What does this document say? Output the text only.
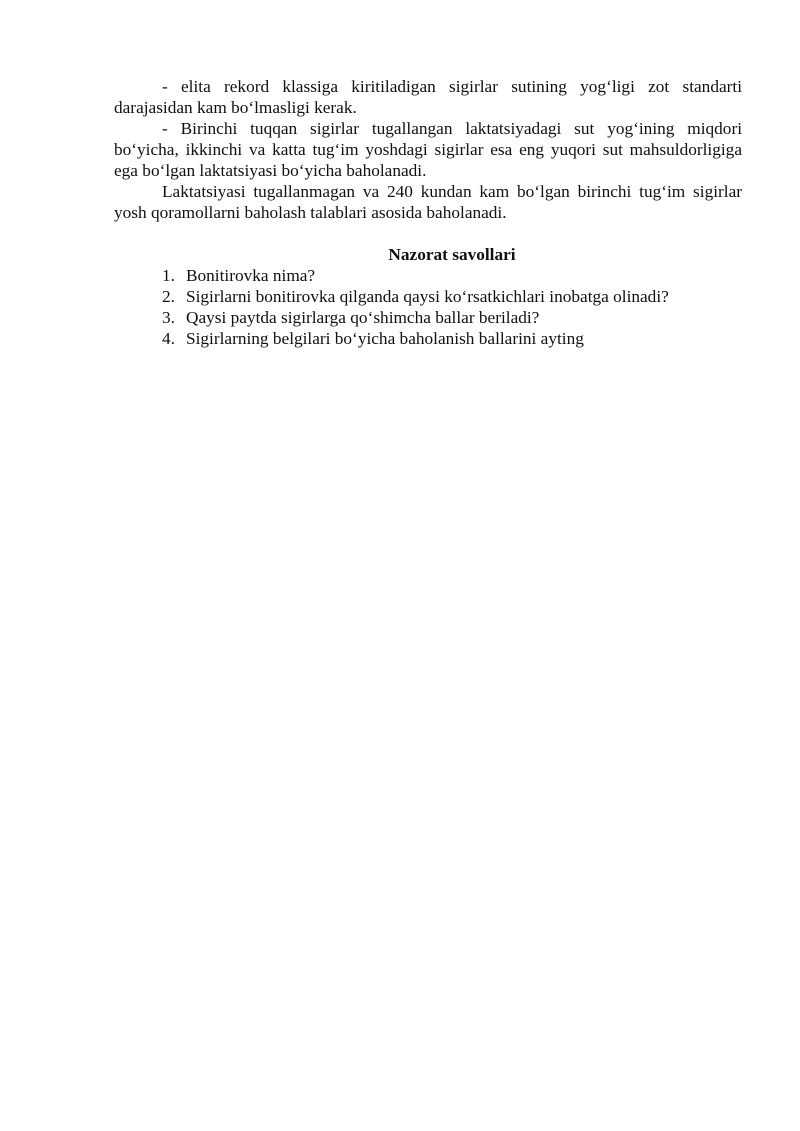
- elita rekord klassiga kiritiladigan sigirlar sutining yog‘ligi zot standarti darajasidan kam bo‘lmasligi kerak.

- Birinchi tuqqan sigirlar tugallangan laktatsiyadagi sut yog‘ining miqdori bo‘yicha, ikkinchi va katta tug‘im yoshdagi sigirlar esa eng yuqori sut mahsuldorligiga ega bo‘lgan laktatsiyasi bo‘yicha baholanadi.

Laktatsiyasi tugallanmagan va 240 kundan kam bo‘lgan birinchi tug‘im sigirlar yosh qoramollarni baholash talablari asosida baholanadi.

Nazorat savollari
1. Bonitirovka nima?
2. Sigirlarni bonitirovka qilganda qaysi ko‘rsatkichlari inobatga olinadi?
3. Qaysi paytda sigirlarga qo‘shimcha ballar beriladi?
4. Sigirlarning belgilari bo‘yicha baholanish ballarini ayting
